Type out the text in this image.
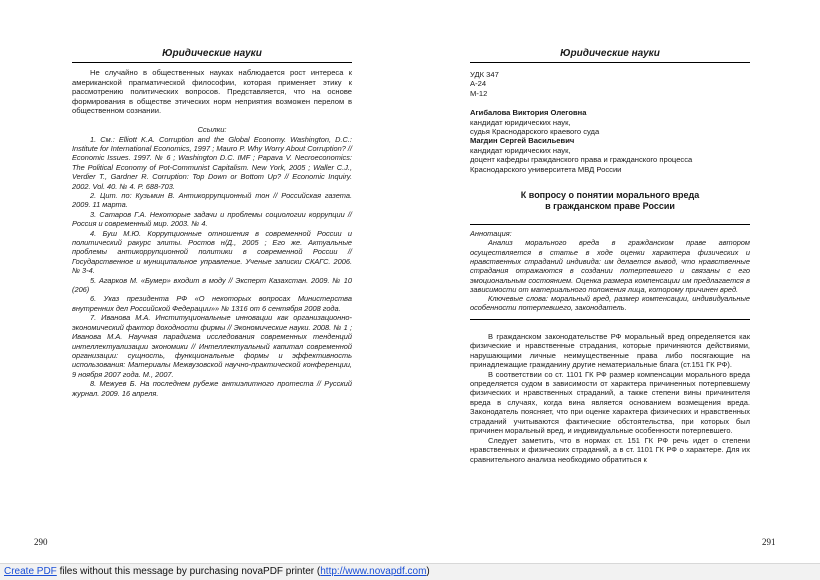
Юридические науки

Не случайно в общественных науках наблюдается рост интереса к американской прагматической философии, которая применяет этику к рассмотрению политических вопросов. Представляется, что на основе формирования в обществе этических норм неприятия возможен перелом в общественном сознании.

Ссылки:

1. См.: Elliott K.A. Corruption and the Global Economy. Washington, D.C.: Institute for International Economics, 1997 ; Mauro P. Why Worry About Corruption? // Economic Issues. 1997. № 6 ; Washington D.C. IMF ; Papava V. Necroeconomics: The Political Economy of Pot-Communist Capitalism. New York, 2005 ; Waller C.J., Verdier T., Gardner R. Corruption: Top Down or Bottom Up? // Economic Inquiry. 2002. Vol. 40. № 4. P. 688-703.

2. Цит. по: Кузьмин В. Антикоррупционный тон // Российская газета. 2009. 11 марта.

3. Сатаров Г.А. Некоторые задачи и проблемы социологии коррупции // Россия и современный мир. 2003. № 4.

4. Буш М.Ю. Коррупционные отношения в современной России и политический ракурс элиты. Ростов н/Д., 2005 ; Его же. Актуальные проблемы антикоррупционной политики в современной России // Государственное и муниципальное управление. Ученые записки СКАГС. 2006. № 3-4.

5. Агарков М. «Бумер» входит в моду // Эксперт Казахстан. 2009. № 10 (206)

6. Указ президента РФ «О некоторых вопросах Министерства внутренних дел Российской Федерации»» № 1316 от 6 сентября 2008 года.

7. Иванова М.А. Институциональные инновации как организационно-экономический фактор доходности фирмы // Экономические науки. 2008. № 1 ; Иванова М.А. Научная парадигма исследования современных тенденций интеллектуализации экономики // Интеллектуальный капитал современной организации: сущность, функциональные формы и эффективность использования: Материалы Межвузовской научно-практической конференции, 9 ноября 2007 года. М., 2007.

8. Межуев Б. На последнем рубеже антиэлитного протеста // Русский журнал. 2009. 16 апреля.

290
Юридические науки
УДК 347
А-24
М-12
Агибалова Виктория Олеговна
кандидат юридических наук,
судья Краснодарского краевого суда
Магдин Сергей Васильевич
кандидат юридических наук,
доцент кафедры гражданского права и гражданского процесса
Краснодарского университета МВД России
К вопросу о понятии морального вреда
в гражданском праве России

Аннотация:

Анализ морального вреда в гражданском праве автором осуществляется в статье в ходе оценки характера физических и нравственных страданий индивида: им делается вывод, что нравственные страдания отражаются в создании потерпевшего и связаны с его эмоциональным состоянием. Оценка размера компенсации им предлагается в зависимости от материального положения лица, которому причинен вред.

Ключевые слова: моральный вред, размер компенсации, индивидуальные особенности потерпевшего, законодатель.

В гражданском законодательстве РФ моральный вред определяется как физические и нравственные страдания, которые причиняются действиями, нарушающими личные неимущественные права либо посягающие на принадлежащие гражданину другие нематериальные блага (ст.151 ГК РФ).

В соответствии со ст. 1101 ГК РФ размер компенсации морального вреда определяется судом в зависимости от характера причиненных потерпевшему физических и нравственных страданий, а также степени вины причинителя вреда в случаях, когда вина является основанием возмещения вреда. Законодатель поясняет, что при оценке характера физических и нравственных страданий учитываются фактические обстоятельства, при которых был причинен моральный вред, и индивидуальные особенности потерпевшего.

Следует заметить, что в нормах ст. 151 ГК РФ речь идет о степени нравственных и физических страданий, а в ст. 1101 ГК РФ о характере. Для их сравнительного анализа необходимо обратиться к

291
Create PDF files without this message by purchasing novaPDF printer (http://www.novapdf.com)
